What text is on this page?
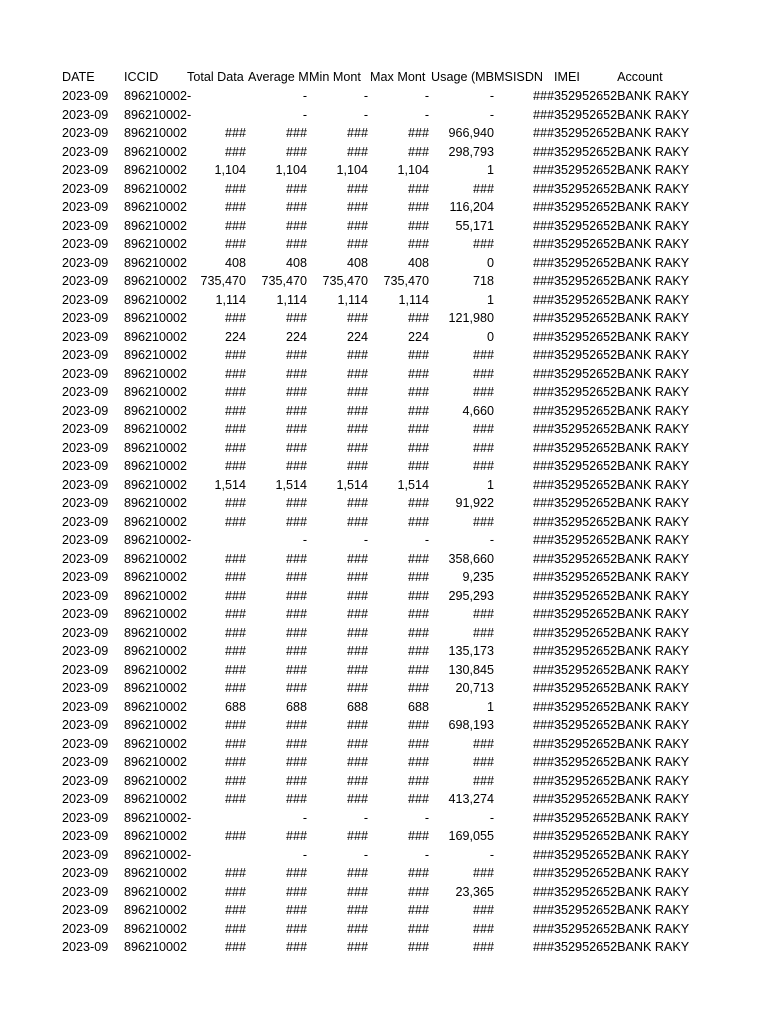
DATE	ICCID	Total Data	Average M	Min Mont	Max Mont	Usage (MB	MSISDN	IMEI	Account
2023-09	896210002	-	-	-	-	-	###	352952652	BANK RAKY
2023-09	896210002	-	-	-	-	-	###	352952652	BANK RAKY
2023-09	896210002	###	###	###	###	966,940	###	352952652	BANK RAKY
2023-09	896210002	###	###	###	###	298,793	###	352952652	BANK RAKY
2023-09	896210002	1,104	1,104	1,104	1,104	1	###	352952652	BANK RAKY
2023-09	896210002	###	###	###	###	###	###	352952652	BANK RAKY
2023-09	896210002	###	###	###	###	116,204	###	352952652	BANK RAKY
2023-09	896210002	###	###	###	###	55,171	###	352952652	BANK RAKY
2023-09	896210002	###	###	###	###	###	###	352952652	BANK RAKY
2023-09	896210002	408	408	408	408	0	###	352952652	BANK RAKY
2023-09	896210002	735,470	735,470	735,470	735,470	718	###	352952652	BANK RAKY
2023-09	896210002	1,114	1,114	1,114	1,114	1	###	352952652	BANK RAKY
2023-09	896210002	###	###	###	###	121,980	###	352952652	BANK RAKY
2023-09	896210002	224	224	224	224	0	###	352952652	BANK RAKY
2023-09	896210002	###	###	###	###	###	###	352952652	BANK RAKY
2023-09	896210002	###	###	###	###	###	###	352952652	BANK RAKY
2023-09	896210002	###	###	###	###	###	###	352952652	BANK RAKY
2023-09	896210002	###	###	###	###	4,660	###	352952652	BANK RAKY
2023-09	896210002	###	###	###	###	###	###	352952652	BANK RAKY
2023-09	896210002	###	###	###	###	###	###	352952652	BANK RAKY
2023-09	896210002	###	###	###	###	###	###	352952652	BANK RAKY
2023-09	896210002	1,514	1,514	1,514	1,514	1	###	352952652	BANK RAKY
2023-09	896210002	###	###	###	###	91,922	###	352952652	BANK RAKY
2023-09	896210002	###	###	###	###	###	###	352952652	BANK RAKY
2023-09	896210002	-	-	-	-	-	###	352952652	BANK RAKY
2023-09	896210002	###	###	###	###	358,660	###	352952652	BANK RAKY
2023-09	896210002	###	###	###	###	9,235	###	352952652	BANK RAKY
2023-09	896210002	###	###	###	###	295,293	###	352952652	BANK RAKY
2023-09	896210002	###	###	###	###	###	###	352952652	BANK RAKY
2023-09	896210002	###	###	###	###	###	###	352952652	BANK RAKY
2023-09	896210002	###	###	###	###	135,173	###	352952652	BANK RAKY
2023-09	896210002	###	###	###	###	130,845	###	352952652	BANK RAKY
2023-09	896210002	###	###	###	###	20,713	###	352952652	BANK RAKY
2023-09	896210002	688	688	688	688	1	###	352952652	BANK RAKY
2023-09	896210002	###	###	###	###	698,193	###	352952652	BANK RAKY
2023-09	896210002	###	###	###	###	###	###	352952652	BANK RAKY
2023-09	896210002	###	###	###	###	###	###	352952652	BANK RAKY
2023-09	896210002	###	###	###	###	###	###	352952652	BANK RAKY
2023-09	896210002	###	###	###	###	413,274	###	352952652	BANK RAKY
2023-09	896210002	-	-	-	-	-	###	352952652	BANK RAKY
2023-09	896210002	###	###	###	###	169,055	###	352952652	BANK RAKY
2023-09	896210002	-	-	-	-	-	###	352952652	BANK RAKY
2023-09	896210002	###	###	###	###	###	###	352952652	BANK RAKY
2023-09	896210002	###	###	###	###	23,365	###	352952652	BANK RAKY
2023-09	896210002	###	###	###	###	###	###	352952652	BANK RAKY
2023-09	896210002	###	###	###	###	###	###	352952652	BANK RAKY
2023-09	896210002	###	###	###	###	###	###	352952652	BANK RAKY
